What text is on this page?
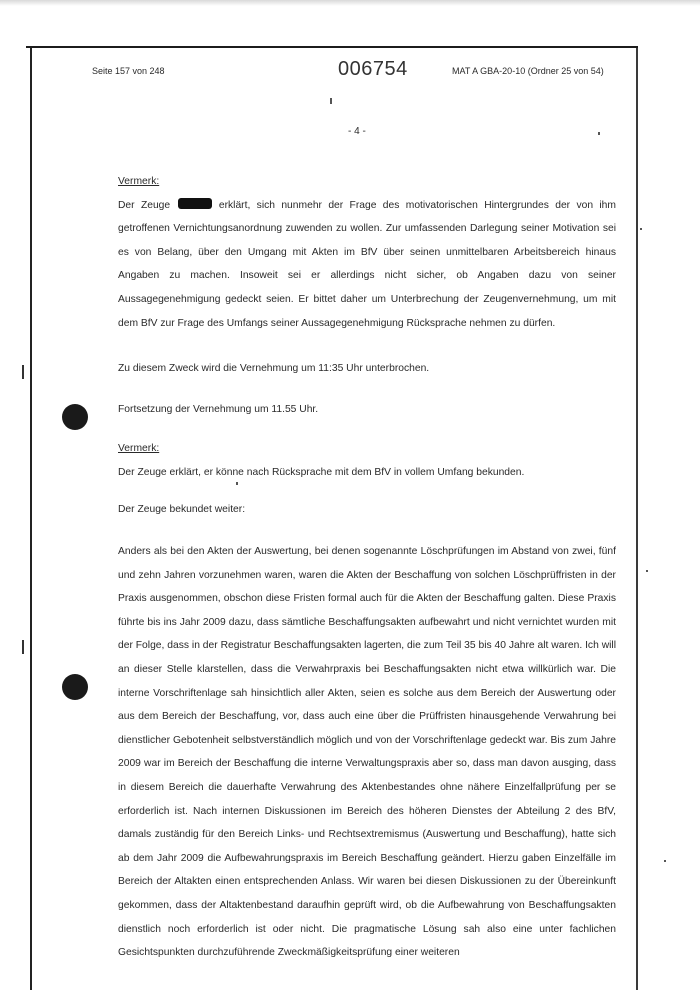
Seite 157 von 248	006754	MAT A GBA-20-10 (Ordner 25 von 54)
- 4 -

Vermerk:
Der Zeuge	erklärt, sich nunmehr der Frage des motivatorischen Hintergrundes der von ihm getroffenen Vernichtungsanordnung zuwenden zu wollen. Zur umfassenden Darlegung seiner Motivation sei es von Belang, über den Umgang mit Akten im BfV über seinen unmittelbaren Arbeitsbereich hinaus Angaben zu machen. Insoweit sei er allerdings nicht sicher, ob Angaben dazu von seiner Aussagegenehmigung gedeckt seien. Er bittet daher um Unterbrechung der Zeugenvernehmung, um mit dem BfV zur Frage des Umfangs seiner Aussagegenehmigung Rücksprache nehmen zu dürfen.

Zu diesem Zweck wird die Vernehmung um 11:35 Uhr unterbrochen.

Fortsetzung der Vernehmung um 11.55 Uhr.

Vermerk:
Der Zeuge erklärt, er könne nach Rücksprache mit dem BfV in vollem Umfang bekunden.

Der Zeuge bekundet weiter:

Anders als bei den Akten der Auswertung, bei denen sogenannte Löschprüfungen im Abstand von zwei, fünf und zehn Jahren vorzunehmen waren, waren die Akten der Beschaffung von solchen Löschprüffristen in der Praxis ausgenommen, obschon diese Fristen formal auch für die Akten der Beschaffung galten. Diese Praxis führte bis ins Jahr 2009 dazu, dass sämtliche Beschaffungsakten aufbewahrt und nicht vernichtet wurden mit der Folge, dass in der Registratur Beschaffungsakten lagerten, die zum Teil 35 bis 40 Jahre alt waren. Ich will an dieser Stelle klarstellen, dass die Verwahrpraxis bei Beschaffungsakten nicht etwa willkürlich war. Die interne Vorschriftenlage sah hinsichtlich aller Akten, seien es solche aus dem Bereich der Auswertung oder aus dem Bereich der Beschaffung, vor, dass auch eine über die Prüffristen hinausgehende Verwahrung bei dienstlicher Gebotenheit selbstverständlich möglich und von der Vorschriftenlage gedeckt war. Bis zum Jahre 2009 war im Bereich der Beschaffung die interne Verwaltungspraxis aber so, dass man davon ausging, dass in diesem Bereich die dauerhafte Verwahrung des Aktenbestandes ohne nähere Einzelfallprüfung per se erforderlich ist. Nach internen Diskussionen im Bereich des höheren Dienstes der Abteilung 2 des BfV, damals zuständig für den Bereich Links- und Rechtsextremismus (Auswertung und Beschaffung), hatte sich ab dem Jahr 2009 die Aufbewahrungspraxis im Bereich Beschaffung geändert. Hierzu gaben Einzelfälle im Bereich der Altakten einen entsprechenden Anlass. Wir waren bei diesen Diskussionen zu der Übereinkunft gekommen, dass der Altaktenbestand daraufhin geprüft wird, ob die Aufbewahrung von Beschaffungsakten dienstlich noch erforderlich ist oder nicht. Die pragmatische Lösung sah also eine unter fachlichen Gesichtspunkten durchzuführende Zweckmäßigkeitsprüfung einer weiteren
